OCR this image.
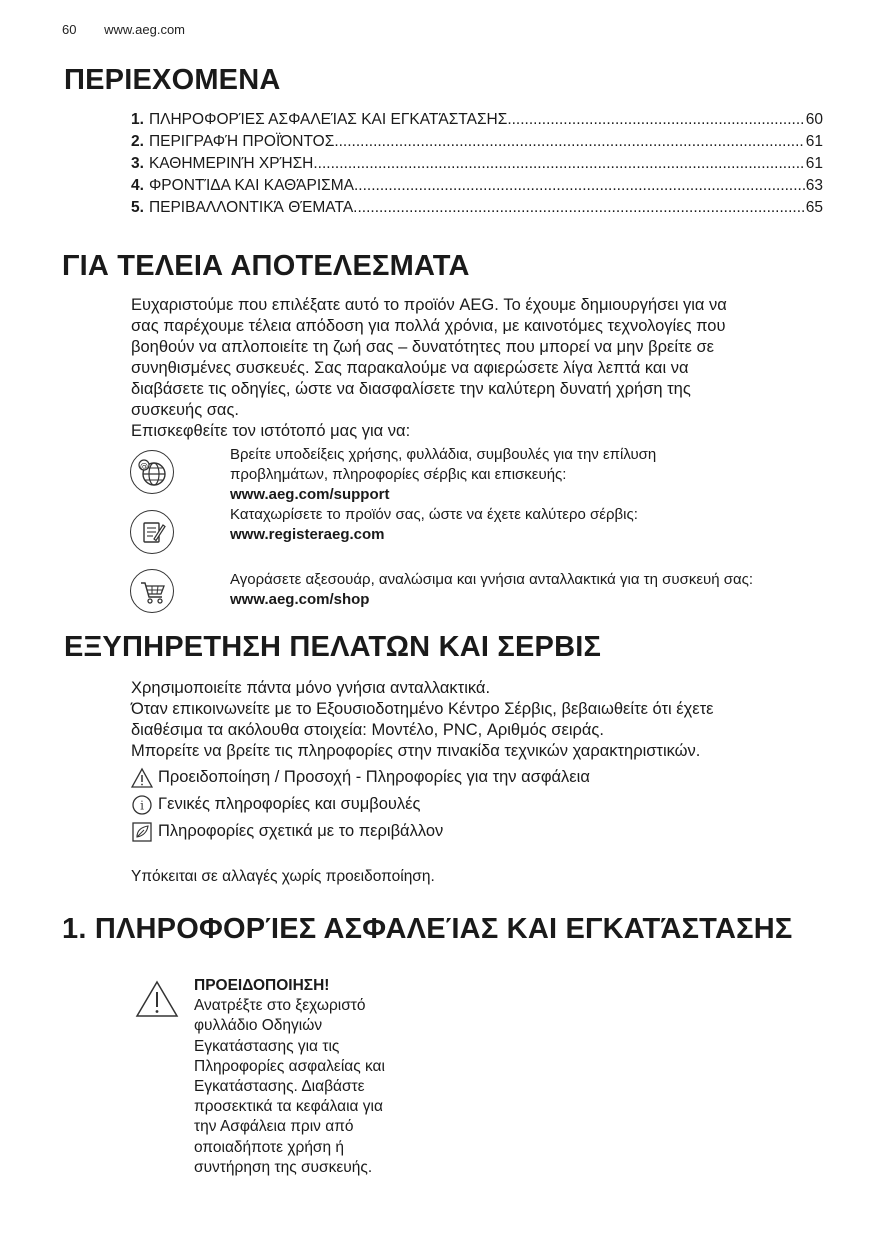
60 www.aeg.com
ΠΕΡΙΕΧΟΜΕΝΑ
1. ΠΛΗΡΟΦΟΡΊΕΣ ΑΣΦΑΛΕΊΑΣ ΚΑΙ ΕΓΚΑΤΆΣΤΑΣΗΣ .....	60
2. ΠΕΡΙΓΡΑΦΉ ΠΡΟΪΌΝΤΟΣ .....	61
3. ΚΑΘΗΜΕΡΙΝΉ ΧΡΉΣΗ .....	61
4. ΦΡΟΝΤΊΔΑ ΚΑΙ ΚΑΘΆΡΙΣΜΑ .....	63
5. ΠΕΡΙΒΑΛΛΟΝΤΙΚΆ ΘΈΜΑΤΑ .....	65
ΓΙΑ ΤΕΛΕΙΑ ΑΠΟΤΕΛΕΣΜΑΤΑ
Ευχαριστούμε που επιλέξατε αυτό το προϊόν AEG. Το έχουμε δημιουργήσει για να
σας παρέχουμε τέλεια απόδοση για πολλά χρόνια, με καινοτόμες τεχνολογίες που
βοηθούν να απλοποιείτε τη ζωή σας – δυνατότητες που μπορεί να μην βρείτε σε
συνηθισμένες συσκευές. Σας παρακαλούμε να αφιερώσετε λίγα λεπτά και να
διαβάσετε τις οδηγίες, ώστε να διασφαλίσετε την καλύτερη δυνατή χρήση της
συσκευής σας.
Επισκεφθείτε τον ιστότοπό μας για να:
@
Βρείτε υποδείξεις χρήσης, φυλλάδια, συμβουλές για την επίλυση
προβλημάτων, πληροφορίες σέρβις και επισκευής:
www.aeg.com/support
Καταχωρίσετε το προϊόν σας, ώστε να έχετε καλύτερο σέρβις:
www.registeraeg.com
Αγοράσετε αξεσουάρ, αναλώσιμα και γνήσια ανταλλακτικά για τη συσκευή σας:
www.aeg.com/shop
ΕΞΥΠΗΡΕΤΗΣΗ ΠΕΛΑΤΩΝ ΚΑΙ ΣΕΡΒΙΣ
Χρησιμοποιείτε πάντα μόνο γνήσια ανταλλακτικά.
Όταν επικοινωνείτε με το Εξουσιοδοτημένο Κέντρο Σέρβις, βεβαιωθείτε ότι έχετε
διαθέσιμα τα ακόλουθα στοιχεία: Μοντέλο, PNC, Αριθμός σειράς.
Μπορείτε να βρείτε τις πληροφορίες στην πινακίδα τεχνικών χαρακτηριστικών.
Προειδοποίηση / Προσοχή - Πληροφορίες για την ασφάλεια
i Γενικές πληροφορίες και συμβουλές
Πληροφορίες σχετικά με το περιβάλλον
Υπόκειται σε αλλαγές χωρίς προειδοποίηση.
1. ΠΛΗΡΟΦΟΡΊΕΣ ΑΣΦΑΛΕΊΑΣ ΚΑΙ ΕΓΚΑΤΆΣΤΑΣΗΣ
ΠΡΟΕΙΔΟΠΟΙΗΣΗ!
Ανατρέξτε στο ξεχωριστό
φυλλάδιο Οδηγιών
Εγκατάστασης για τις
Πληροφορίες ασφαλείας και
Εγκατάστασης. Διαβάστε
προσεκτικά τα κεφάλαια για
την Ασφάλεια πριν από
οποιαδήποτε χρήση ή
συντήρηση της συσκευής.
